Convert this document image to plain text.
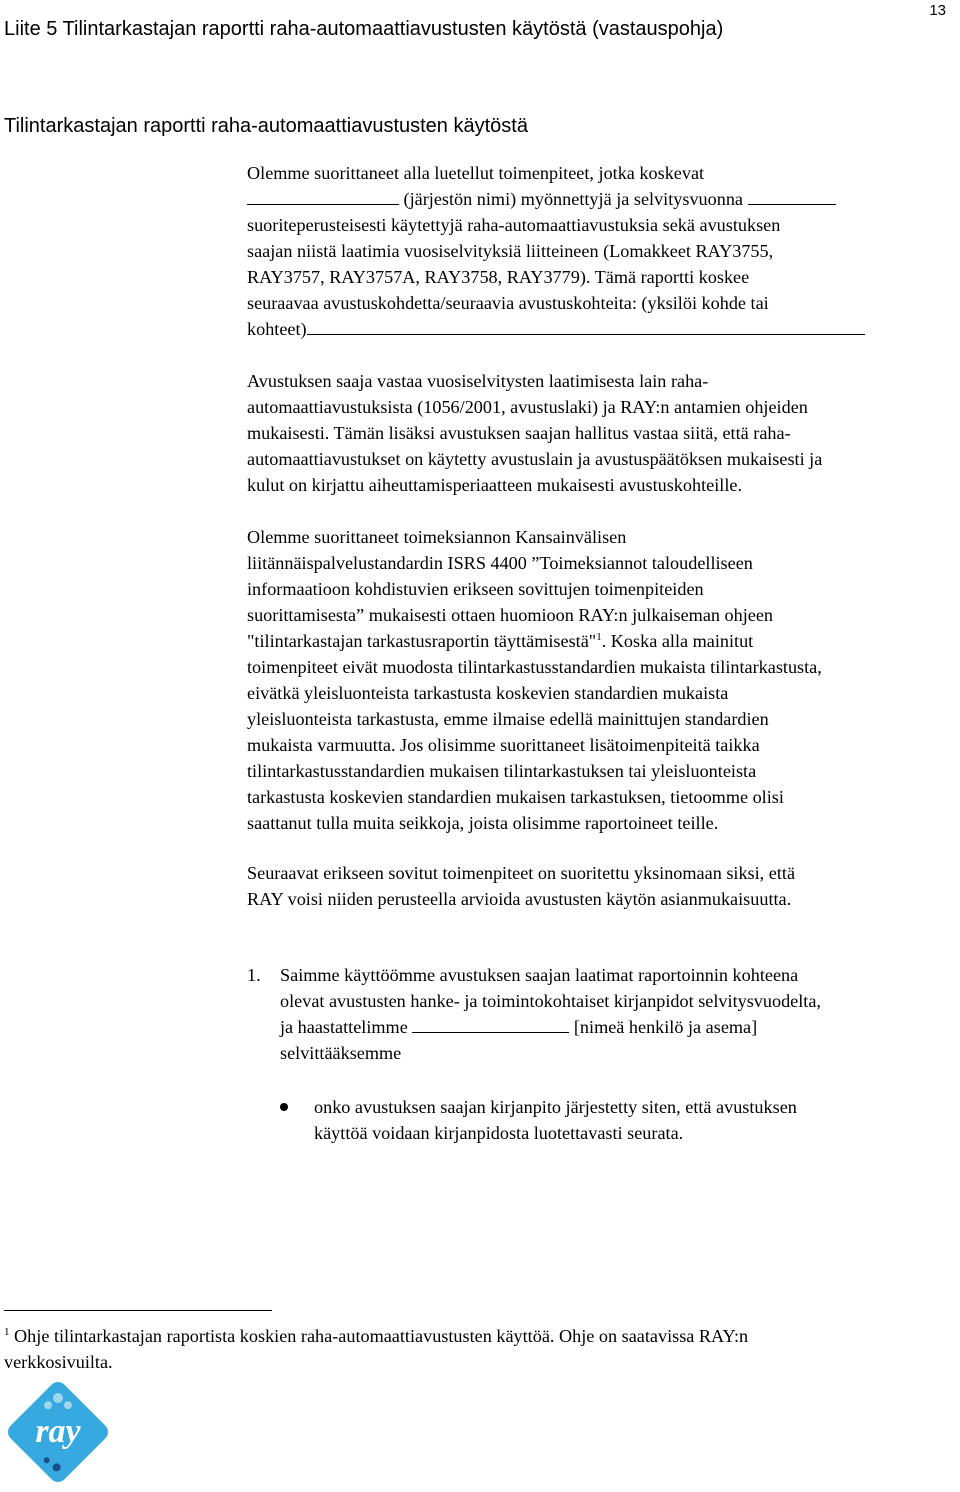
Liite 5 Tilintarkastajan raportti raha-automaattiavustusten käytöstä (vastauspohja)
13
Tilintarkastajan raportti raha-automaattiavustusten käytöstä
Olemme suorittaneet alla luetellut toimenpiteet, jotka koskevat
(järjestön nimi) myönnettyjä ja selvitysvuonna
suoriteperusteisesti käytettyjä raha-automaattiavustuksia sekä avustuksen
saajan niistä laatimia vuosiselvityksiä liitteineen (Lomakkeet RAY3755,
RAY3757, RAY3757A, RAY3758, RAY3779). Tämä raportti koskee
seuraavaa avustuskohdetta/seuraavia avustuskohteita: (yksilöi kohde tai
kohteet)
Avustuksen saaja vastaa vuosiselvitysten laatimisesta lain raha-
automaattiavustuksista (1056/2001, avustuslaki) ja RAY:n antamien ohjeiden
mukaisesti. Tämän lisäksi avustuksen saajan hallitus vastaa siitä, että raha-
automaattiavustukset on käytetty avustuslain ja avustuspäätöksen mukaisesti ja
kulut on kirjattu aiheuttamisperiaatteen mukaisesti avustuskohteille.
Olemme suorittaneet toimeksiannon Kansainvälisen
liitännäispalvelustandardin ISRS 4400 ”Toimeksiannot taloudelliseen
informaatioon kohdistuvien erikseen sovittujen toimenpiteiden
suorittamisesta” mukaisesti ottaen huomioon RAY:n julkaiseman ohjeen
"tilintarkastajan tarkastusraportin täyttämisestä"$^1$. Koska alla mainitut
toimenpiteet eivät muodosta tilintarkastusstandardien mukaista tilintarkastusta,
eivätkä yleisluonteista tarkastusta koskevien standardien mukaista
yleisluonteista tarkastusta, emme ilmaise edellä mainittujen standardien
mukaista varmuutta. Jos olisimme suorittaneet lisätoimenpiteitä taikka
tilintarkastusstandardien mukaisen tilintarkastuksen tai yleisluonteista
tarkastusta koskevien standardien mukaisen tarkastuksen, tietoomme olisi
saattanut tulla muita seikkoja, joista olisimme raportoineet teille.
Seuraavat erikseen sovitut toimenpiteet on suoritettu yksinomaan siksi, että
RAY voisi niiden perusteella arvioida avustusten käytön asianmukaisuutta.
1. Saimme käyttöömme avustuksen saajan laatimat raportoinnin kohteena
olevat avustusten hanke- ja toimintokohtaiset kirjanpidot selvitysvuodelta,
ja haastattelimme	[nimeä henkilö ja asema]
selvittääksemme
onko avustuksen saajan kirjanpito järjestetty siten, että avustuksen
käyttöä voidaan kirjanpidosta luotettavasti seurata.
$^1$ Ohje tilintarkastajan raportista koskien raha-automaattiavustusten käyttöä. Ohje on saatavissa RAY:n
verkkosivuilta.
ray
